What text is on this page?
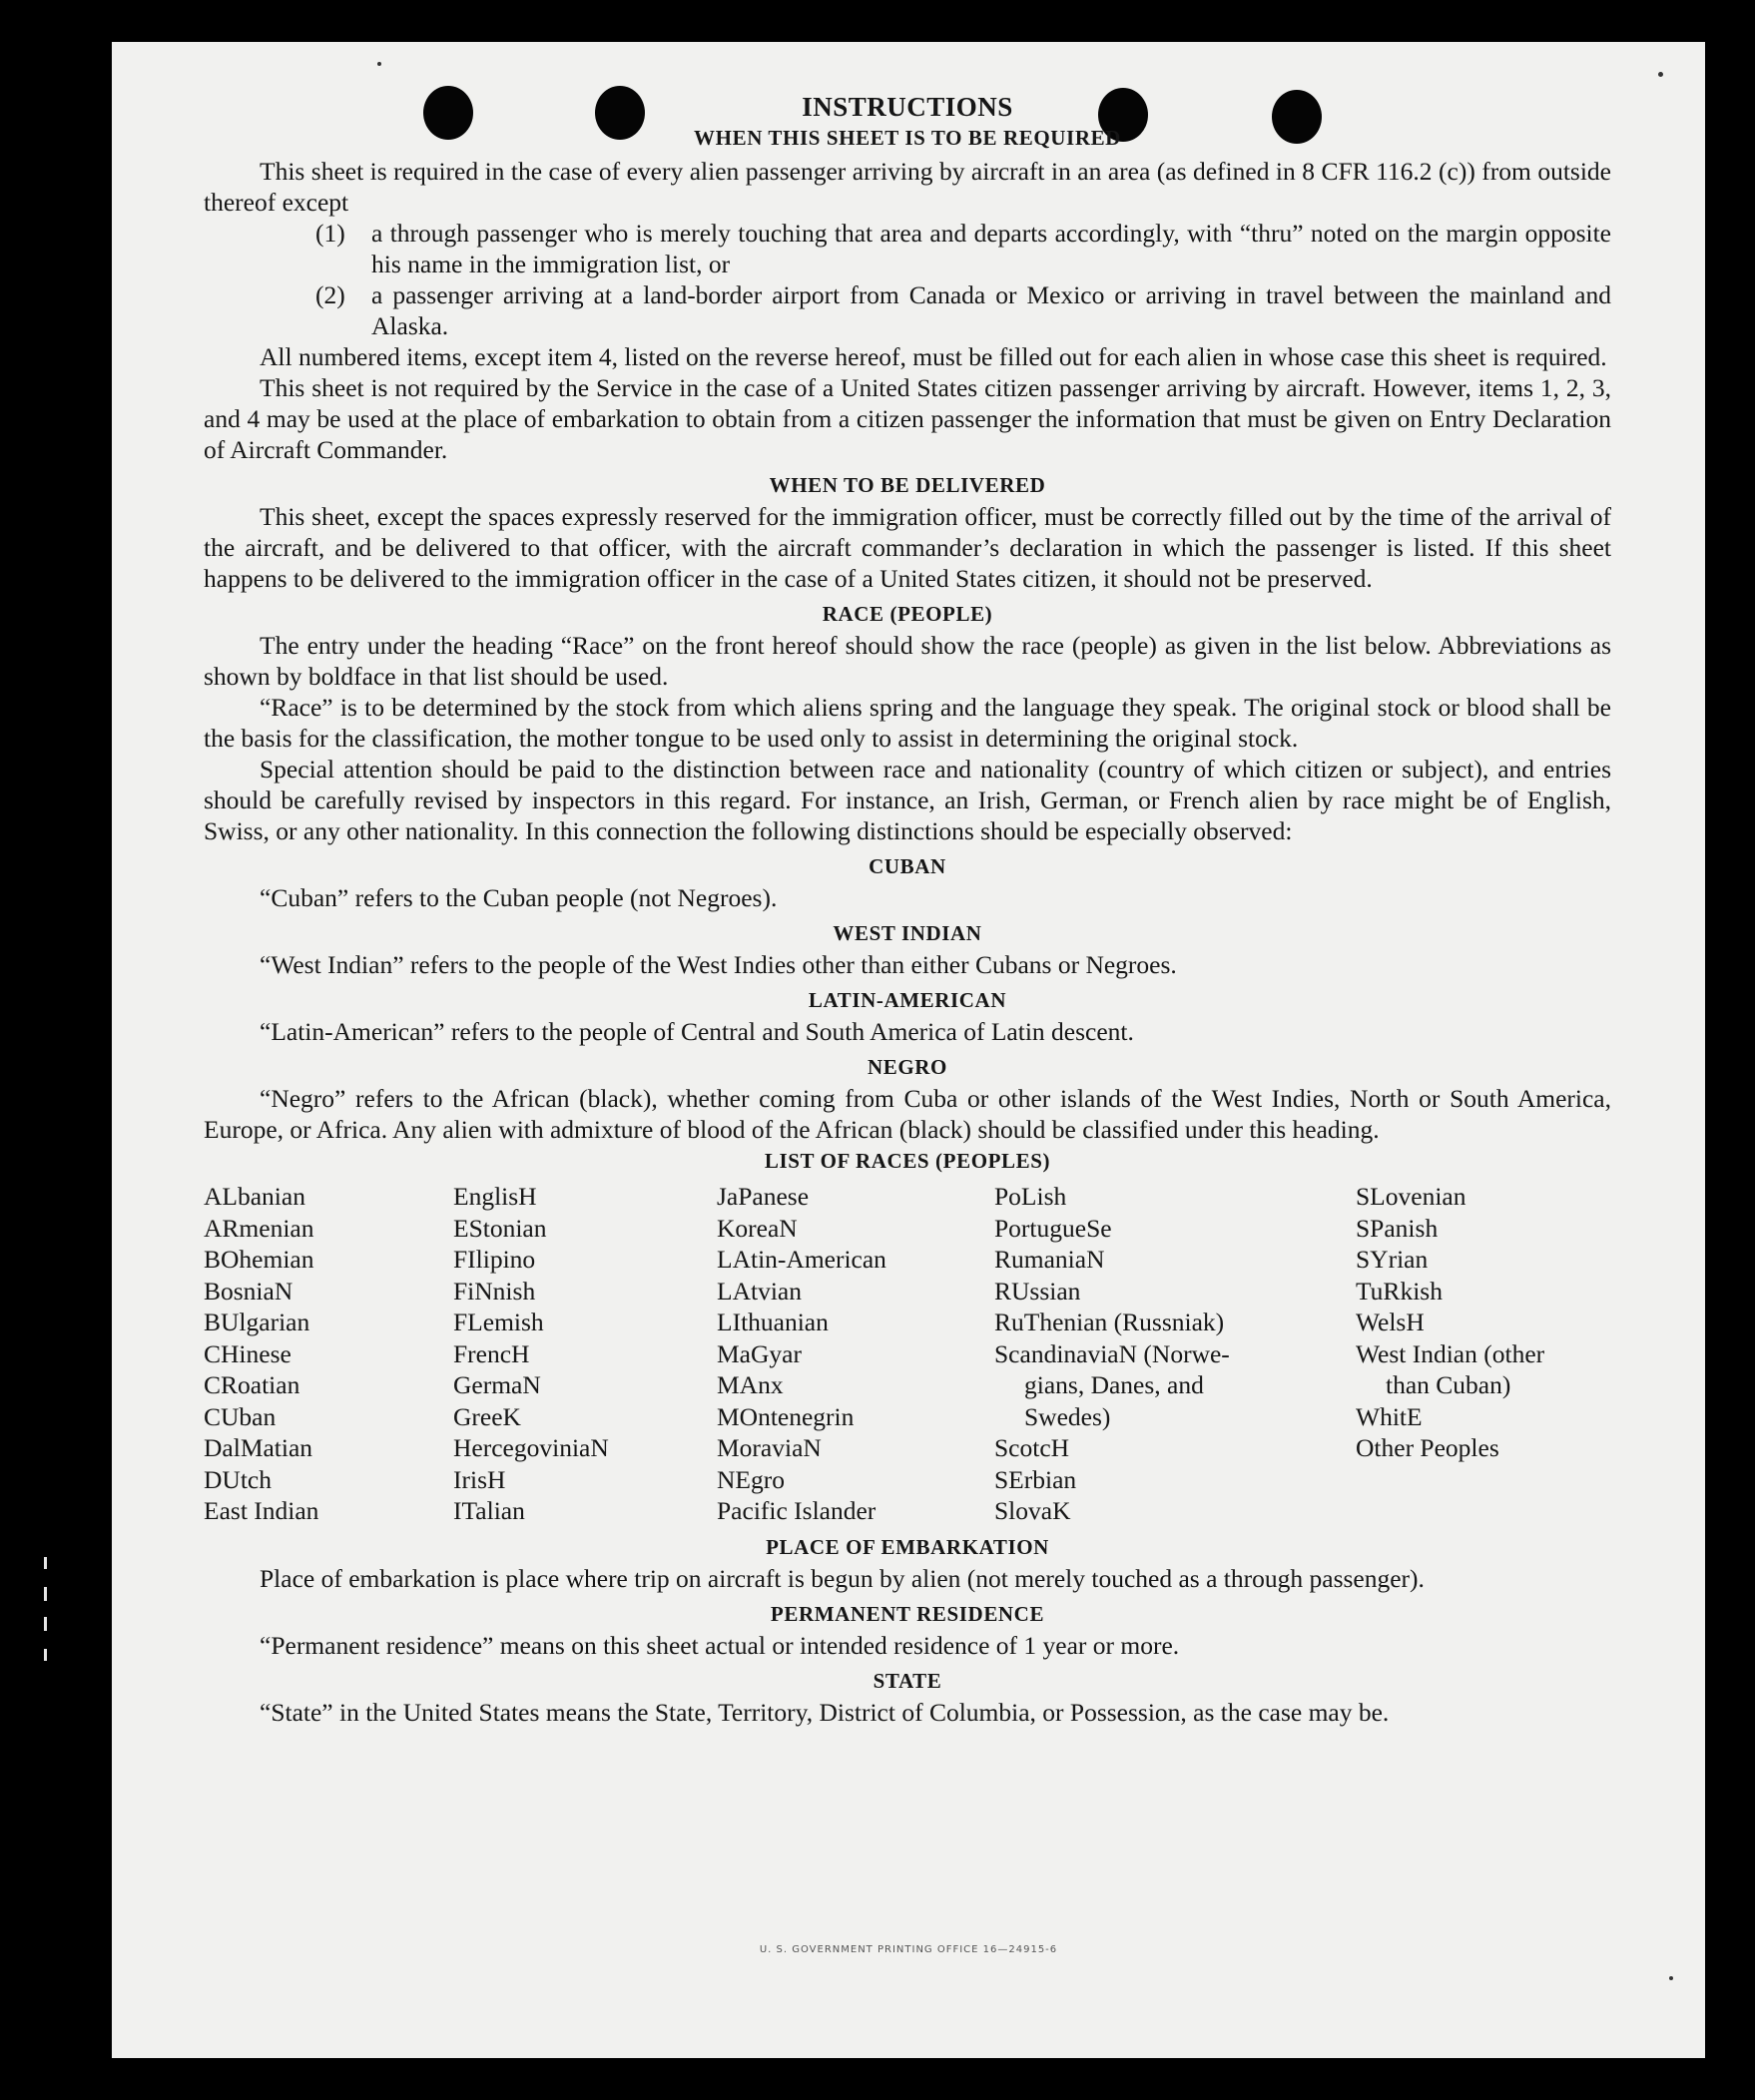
INSTRUCTIONS
WHEN THIS SHEET IS TO BE REQUIRED

This sheet is required in the case of every alien passenger arriving by aircraft in an area (as defined in 8 CFR 116.2 (c)) from outside thereof except

(1)	a through passenger who is merely touching that area and departs accordingly, with “thru” noted on the margin opposite his name in the immigration list, or
(2)	a passenger arriving at a land-border airport from Canada or Mexico or arriving in travel between the mainland and Alaska.

All numbered items, except item 4, listed on the reverse hereof, must be filled out for each alien in whose case this sheet is required.

This sheet is not required by the Service in the case of a United States citizen passenger arriving by aircraft. However, items 1, 2, 3, and 4 may be used at the place of embarkation to obtain from a citizen passenger the information that must be given on Entry Declaration of Aircraft Commander.

WHEN TO BE DELIVERED

This sheet, except the spaces expressly reserved for the immigration officer, must be correctly filled out by the time of the arrival of the aircraft, and be delivered to that officer, with the aircraft commander’s declaration in which the passenger is listed. If this sheet happens to be delivered to the immigration officer in the case of a United States citizen, it should not be preserved.

RACE (PEOPLE)

The entry under the heading “Race” on the front hereof should show the race (people) as given in the list below. Abbreviations as shown by boldface in that list should be used.

“Race” is to be determined by the stock from which aliens spring and the language they speak. The original stock or blood shall be the basis for the classification, the mother tongue to be used only to assist in determining the original stock.

Special attention should be paid to the distinction between race and nationality (country of which citizen or subject), and entries should be carefully revised by inspectors in this regard. For instance, an Irish, German, or French alien by race might be of English, Swiss, or any other nationality. In this connection the following distinctions should be especially observed:

CUBAN

“Cuban” refers to the Cuban people (not Negroes).

WEST INDIAN

“West Indian” refers to the people of the West Indies other than either Cubans or Negroes.

LATIN-AMERICAN

“Latin-American” refers to the people of Central and South America of Latin descent.

NEGRO

“Negro” refers to the African (black), whether coming from Cuba or other islands of the West Indies, North or South America, Europe, or Africa. Any alien with admixture of blood of the African (black) should be classified under this heading.

LIST OF RACES (PEOPLES)
ALbanian
ARmenian
BOhemian
BosniaN
BUlgarian
CHinese
CRoatian
CUban
DalMatian
DUtch
East Indian
EnglisH
EStonian
FIlipino
FiNnish
FLemish
FrencH
GermaN
GreeK
HercegoviniaN
IrisH
ITalian
JaPanese
KoreaN
LAtin-American
LAtvian
LIthuanian
MaGyar
MAnx
MOntenegrin
MoraviaN
NEgro
Pacific Islander
PoLish
PortugueSe
RumaniaN
RUssian
RuThenian (Russniak)
ScandinaviaN (Norwe-
gians, Danes, and
Swedes)
ScotcH
SErbian
SlovaK
SLovenian
SPanish
SYrian
TuRkish
WelsH
West Indian (other
than Cuban)
WhitE
Other Peoples
PLACE OF EMBARKATION

Place of embarkation is place where trip on aircraft is begun by alien (not merely touched as a through passenger).

PERMANENT RESIDENCE

“Permanent residence” means on this sheet actual or intended residence of 1 year or more.

STATE

“State” in the United States means the State, Territory, District of Columbia, or Possession, as the case may be.

U. S. GOVERNMENT PRINTING OFFICE 16—24915-6
